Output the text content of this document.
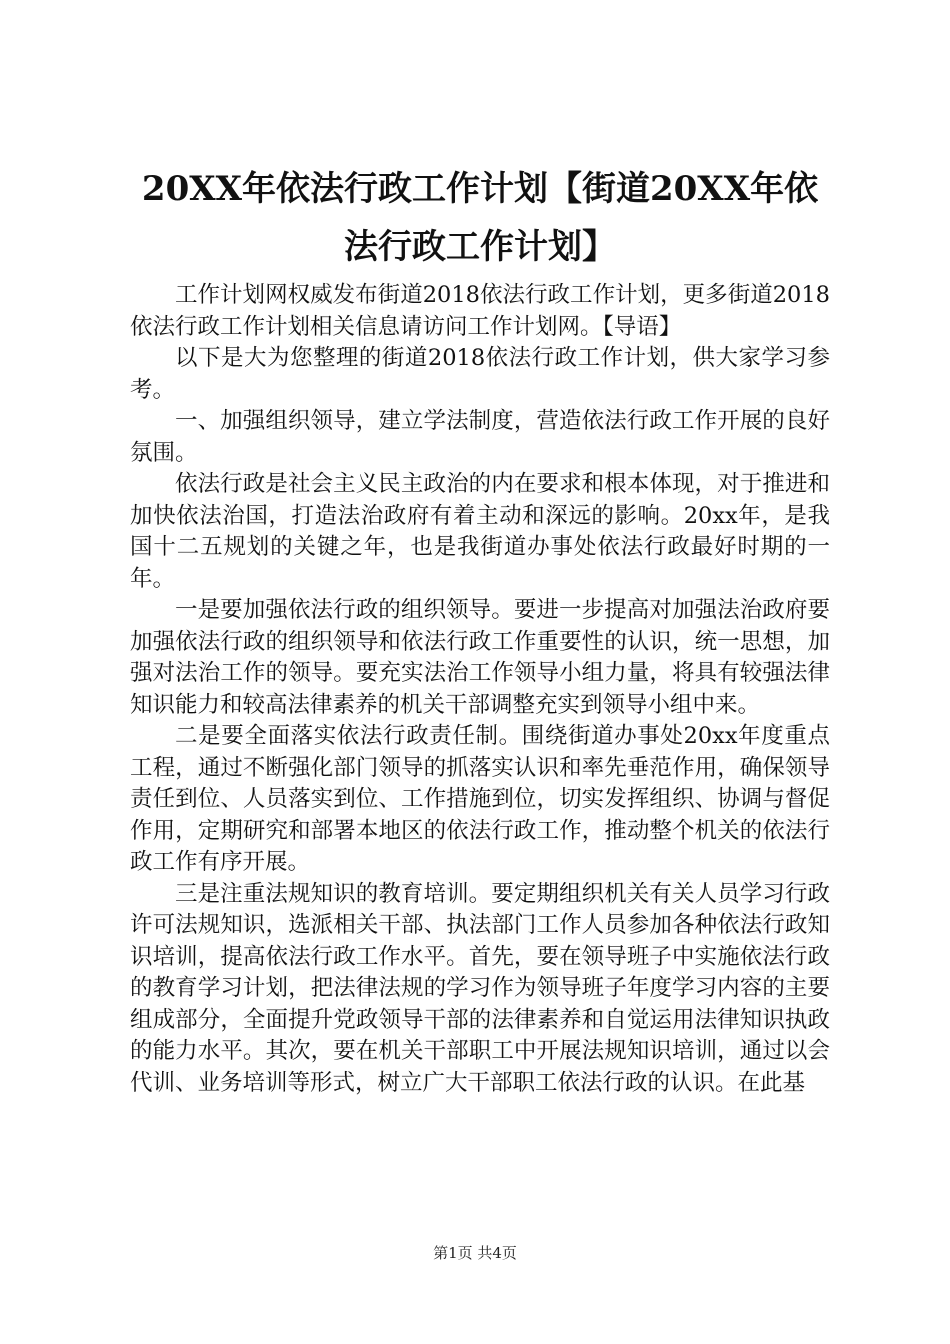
20XX年依法行政工作计划【街道20XX年依法行政工作计划】

工作计划网权威发布街道2018依法行政工作计划，更多街道2018依法行政工作计划相关信息请访问工作计划网。【导语】

以下是大为您整理的街道2018依法行政工作计划，供大家学习参考。

一、加强组织领导，建立学法制度，营造依法行政工作开展的良好氛围。

依法行政是社会主义民主政治的内在要求和根本体现，对于推进和加快依法治国，打造法治政府有着主动和深远的影响。20xx年，是我国十二五规划的关键之年，也是我街道办事处依法行政最好时期的一年。

一是要加强依法行政的组织领导。要进一步提高对加强法治政府要加强依法行政的组织领导和依法行政工作重要性的认识，统一思想，加强对法治工作的领导。要充实法治工作领导小组力量，将具有较强法律知识能力和较高法律素养的机关干部调整充实到领导小组中来。

二是要全面落实依法行政责任制。围绕街道办事处20xx年度重点工程，通过不断强化部门领导的抓落实认识和率先垂范作用，确保领导责任到位、人员落实到位、工作措施到位，切实发挥组织、协调与督促作用，定期研究和部署本地区的依法行政工作，推动整个机关的依法行政工作有序开展。

三是注重法规知识的教育培训。要定期组织机关有关人员学习行政许可法规知识，选派相关干部、执法部门工作人员参加各种依法行政知识培训，提高依法行政工作水平。首先，要在领导班子中实施依法行政的教育学习计划，把法律法规的学习作为领导班子年度学习内容的主要组成部分，全面提升党政领导干部的法律素养和自觉运用法律知识执政的能力水平。其次，要在机关干部职工中开展法规知识培训，通过以会代训、业务培训等形式，树立广大干部职工依法行政的认识。在此基

第1页 共4页
